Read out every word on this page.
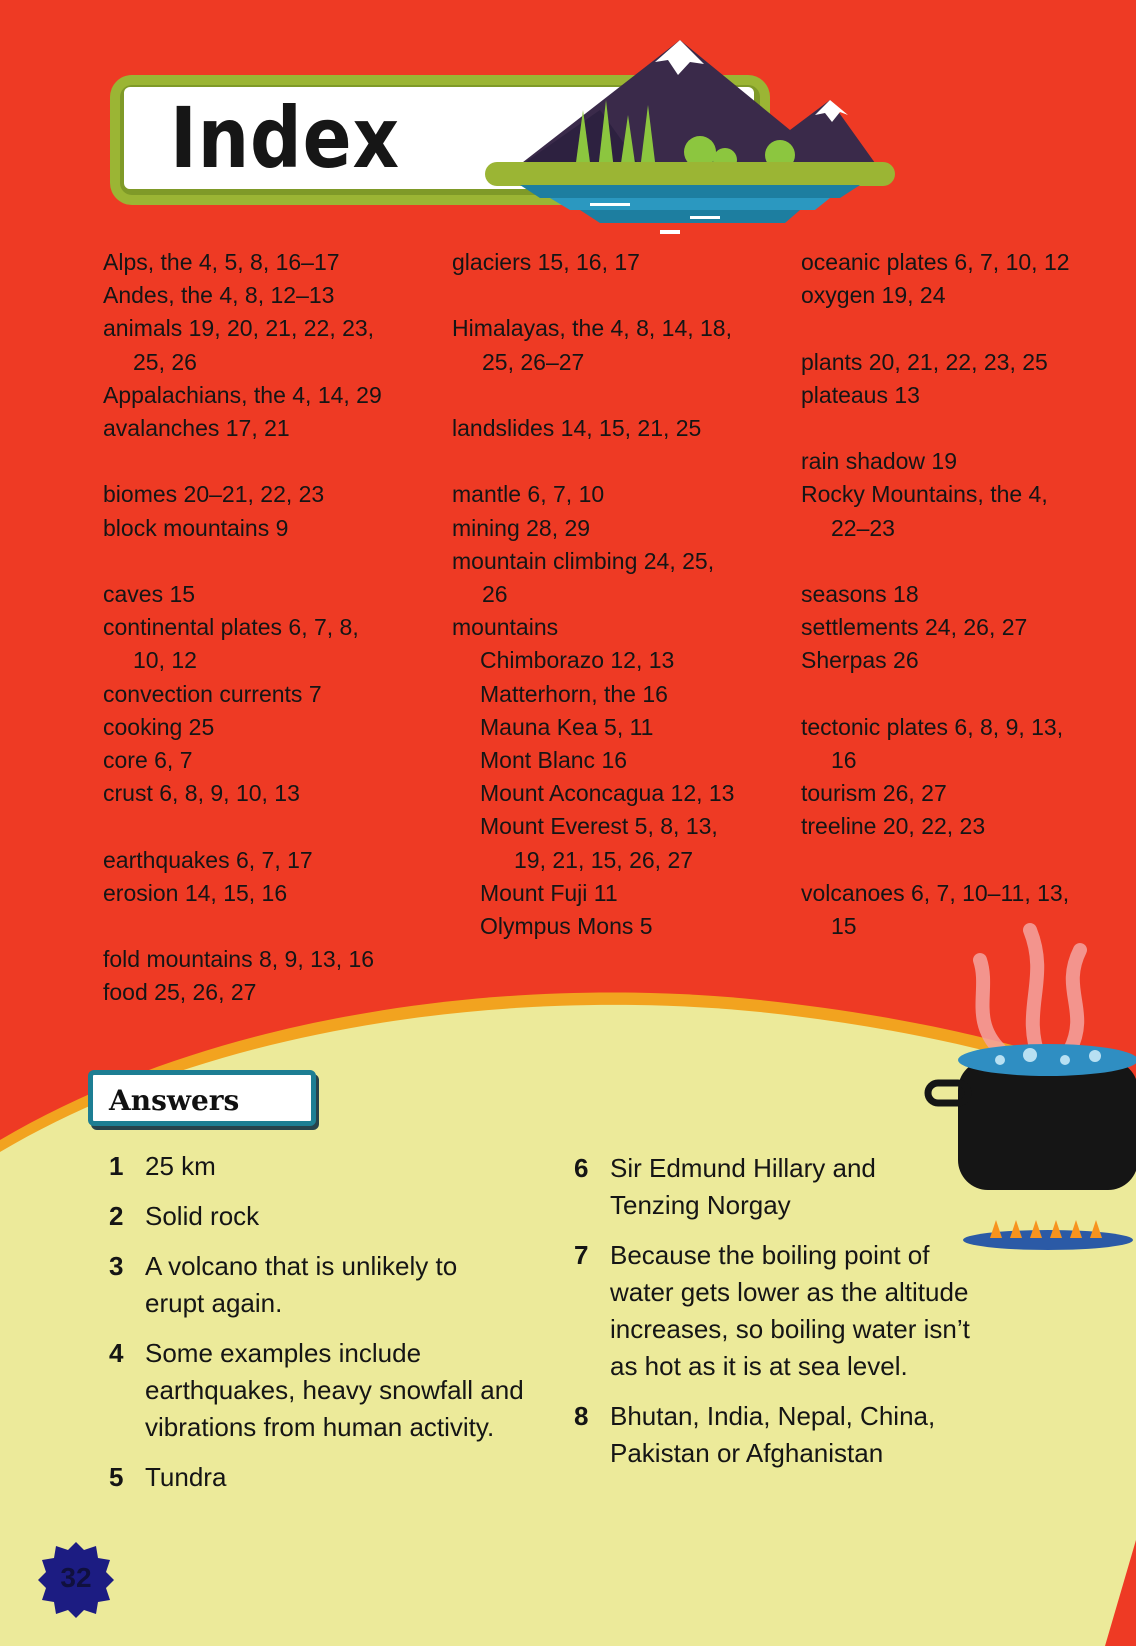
Index
Alps, the 4, 5, 8, 16–17
Andes, the 4, 8, 12–13
animals 19, 20, 21, 22, 23,
25, 26
Appalachians, the 4, 14, 29
avalanches 17, 21
biomes 20–21, 22, 23
block mountains 9
caves 15
continental plates 6, 7, 8,
10, 12
convection currents 7
cooking 25
core 6, 7
crust 6, 8, 9, 10, 13
earthquakes 6, 7, 17
erosion 14, 15, 16
fold mountains 8, 9, 13, 16
food 25, 26, 27
glaciers 15, 16, 17
Himalayas, the 4, 8, 14, 18,
25, 26–27
landslides 14, 15, 21, 25
mantle 6, 7, 10
mining 28, 29
mountain climbing 24, 25,
26
mountains
Chimborazo 12, 13
Matterhorn, the 16
Mauna Kea 5, 11
Mont Blanc 16
Mount Aconcagua 12, 13
Mount Everest 5, 8, 13,
19, 21, 15, 26, 27
Mount Fuji 11
Olympus Mons 5
oceanic plates 6, 7, 10, 12
oxygen 19, 24
plants 20, 21, 22, 23, 25
plateaus 13
rain shadow 19
Rocky Mountains, the 4,
22–23
seasons 18
settlements 24, 26, 27
Sherpas 26
tectonic plates 6, 8, 9, 13,
16
tourism 26, 27
treeline 20, 22, 23
volcanoes 6, 7, 10–11, 13,
15
Answers
1 25 km
2 Solid rock
3 A volcano that is unlikely to
erupt again.
4 Some examples include
earthquakes, heavy snowfall and
vibrations from human activity.
5 Tundra
6 Sir Edmund Hillary and
Tenzing Norgay
7 Because the boiling point of
water gets lower as the altitude
increases, so boiling water isn’t
as hot as it is at sea level.
8 Bhutan, India, Nepal, China,
Pakistan or Afghanistan
32
